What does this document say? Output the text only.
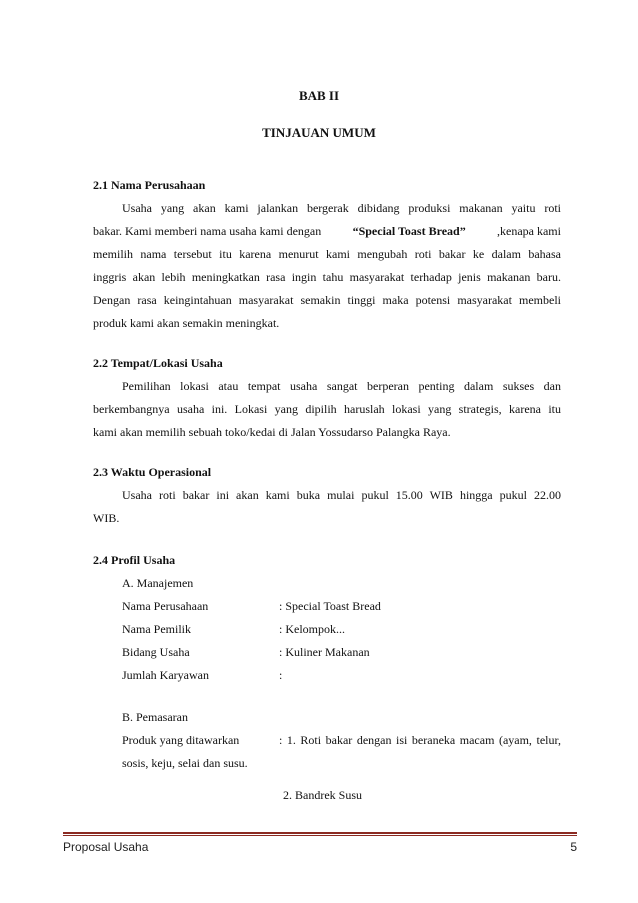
BAB II
TINJAUAN UMUM
2.1 Nama Perusahaan
Usaha yang akan kami jalankan bergerak dibidang produksi makanan yaitu roti
bakar. Kami memberi nama usaha kami dengan	“Special Toast Bread”	,kenapa kami
memilih nama tersebut itu karena menurut kami mengubah roti bakar ke dalam bahasa
inggris akan lebih meningkatkan rasa ingin tahu masyarakat terhadap jenis makanan baru.
Dengan rasa keingintahuan masyarakat semakin tinggi maka potensi masyarakat membeli
produk kami akan semakin meningkat.
2.2 Tempat/Lokasi Usaha
Pemilihan lokasi atau tempat usaha sangat berperan penting dalam sukses dan
berkembangnya usaha ini. Lokasi yang dipilih haruslah lokasi yang strategis, karena itu
kami akan memilih sebuah toko/kedai di Jalan Yossudarso Palangka Raya.
2.3 Waktu Operasional
Usaha roti bakar ini akan kami buka mulai pukul 15.00 WIB hingga pukul 22.00
WIB.
2.4 Profil Usaha
A. Manajemen
Nama Perusahaan	: Special Toast Bread
Nama Pemilik	: Kelompok...
Bidang Usaha	: Kuliner Makanan
Jumlah Karyawan	:
B. Pemasaran
Produk yang ditawarkan	: 1. Roti bakar dengan isi beraneka macam (ayam, telur,
sosis, keju, selai dan susu.
2. Bandrek Susu
Proposal Usaha	5
